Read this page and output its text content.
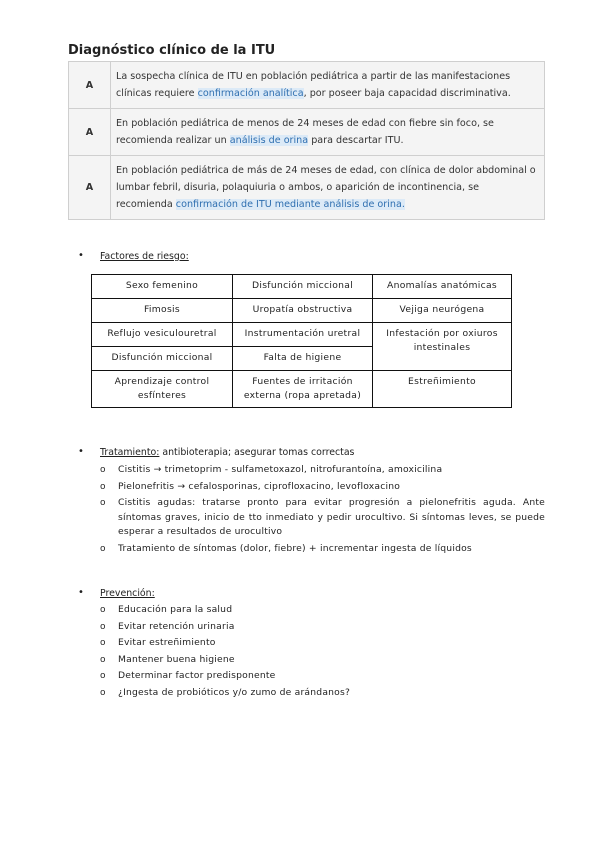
Diagnóstico clínico de la ITU
A	La sospecha clínica de ITU en población pediátrica a partir de las manifestaciones clínicas requiere confirmación analítica, por poseer baja capacidad discriminativa.
A	En población pediátrica de menos de 24 meses de edad con fiebre sin foco, se recomienda realizar un análisis de orina para descartar ITU.
A	En población pediátrica de más de 24 meses de edad, con clínica de dolor abdominal o lumbar febril, disuria, polaquiuria o ambos, o aparición de incontinencia, se recomienda confirmación de ITU mediante análisis de orina.
• Factores de riesgo:
Sexo femenino	Disfunción miccional	Anomalías anatómicas
Fimosis	Uropatía obstructiva	Vejiga neurógena
Reflujo vesiculouretral	Instrumentación uretral	Infestación por oxiuros intestinales
Disfunción miccional	Falta de higiene	
Aprendizaje control esfínteres	Fuentes de irritación externa (ropa apretada)	Estreñimiento
• Tratamiento: antibioterapia; asegurar tomas correctas
o Cistitis → trimetoprim - sulfametoxazol, nitrofurantoína, amoxicilina
o Pielonefritis → cefalosporinas, ciprofloxacino, levofloxacino
o Cistitis agudas: tratarse pronto para evitar progresión a pielonefritis aguda. Ante síntomas graves, inicio de tto inmediato y pedir urocultivo. Si síntomas leves, se puede esperar a resultados de urocultivo
o Tratamiento de síntomas (dolor, fiebre) + incrementar ingesta de líquidos
• Prevención:
o Educación para la salud
o Evitar retención urinaria
o Evitar estreñimiento
o Mantener buena higiene
o Determinar factor predisponente
o ¿Ingesta de probióticos y/o zumo de arándanos?
